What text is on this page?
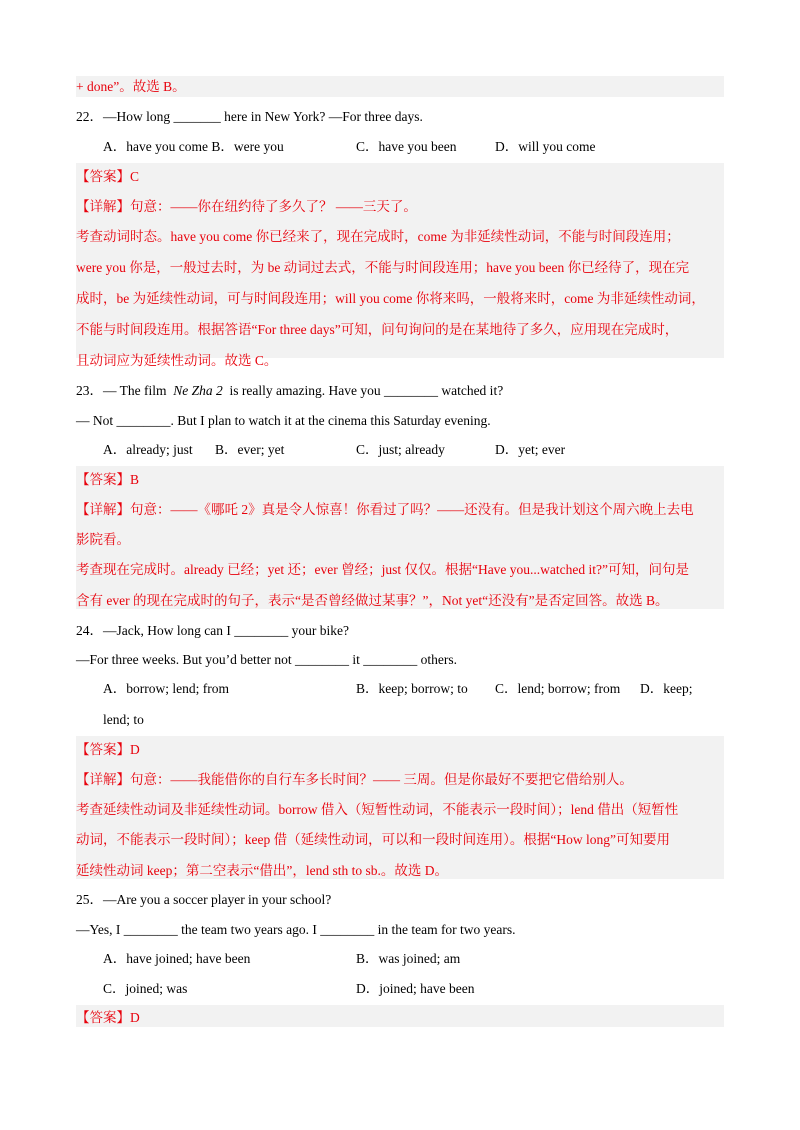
+ done”。故选 B。
22．—How long _______ here in New York? —For three days.
A．have you come B．were you	C．have you been	D．will you come
【答案】C
【详解】句意：——你在纽约待了多久了？ ——三天了。
考查动词时态。have you come 你已经来了，现在完成时，come 为非延续性动词，不能与时间段连用；
were you 你是，一般过去时，为 be 动词过去式，不能与时间段连用；have you been 你已经待了，现在完
成时，be 为延续性动词，可与时间段连用；will you come 你将来吗，一般将来时，come 为非延续性动词，
不能与时间段连用。根据答语“For three days”可知，问句询问的是在某地待了多久，应用现在完成时，
且动词应为延续性动词。故选 C。
23．— The film Ne Zha 2 is really amazing. Have you ________ watched it?
— Not ________. But I plan to watch it at the cinema this Saturday evening.
A．already; just B．ever; yet	C．just; already	D．yet; ever
【答案】B
【详解】句意：——《哪吒 2》真是令人惊喜！你看过了吗？——还没有。但是我计划这个周六晚上去电
影院看。
考查现在完成时。already 已经；yet 还；ever 曾经；just 仅仅。根据“Have you...watched it?”可知，问句是
含有 ever 的现在完成时的句子，表示“是否曾经做过某事？”，Not yet“还没有”是否定回答。故选 B。
24．—Jack, How long can I ________ your bike?
—For three weeks. But you’d better not ________ it ________ others.
A．borrow; lend; from	B．keep; borrow; to C．lend; borrow; from D．keep;
lend; to
【答案】D
【详解】句意：——我能借你的自行车多长时间？—— 三周。但是你最好不要把它借给别人。
考查延续性动词及非延续性动词。borrow 借入（短暂性动词，不能表示一段时间）；lend 借出（短暂性
动词，不能表示一段时间）；keep 借（延续性动词，可以和一段时间连用）。根据“How long”可知要用
延续性动词 keep；第二空表示“借出”，lend sth to sb.。故选 D。
25．—Are you a soccer player in your school?
—Yes, I ________ the team two years ago. I ________ in the team for two years.
A．have joined; have been	B．was joined; am
C．joined; was	D．joined; have been
【答案】D
